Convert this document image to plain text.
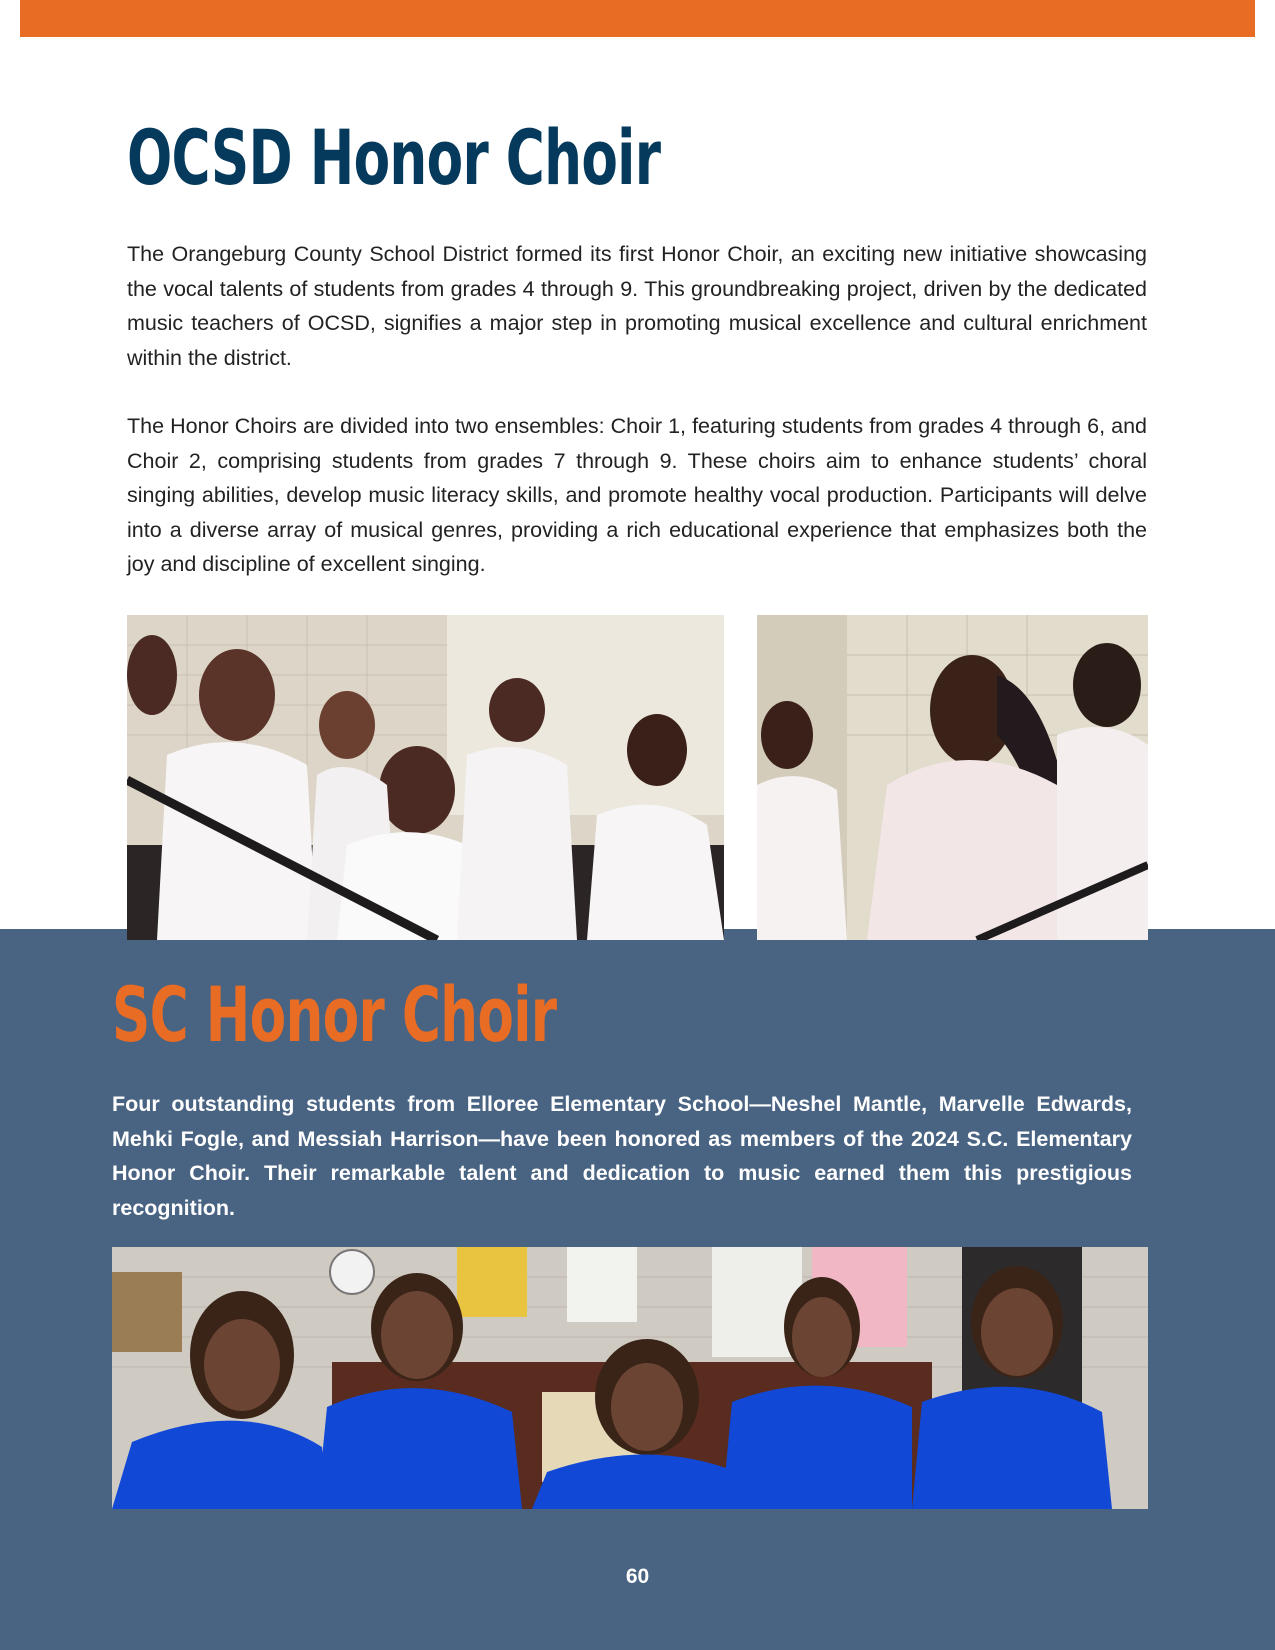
OCSD Honor Choir

The Orangeburg County School District formed its first Honor Choir, an exciting new initiative showcasing the vocal talents of students from grades 4 through 9. This groundbreaking project, driven by the dedicated music teachers of OCSD, signifies a major step in promoting musical excellence and cultural enrichment within the district.

The Honor Choirs are divided into two ensembles: Choir 1, featuring students from grades 4 through 6, and Choir 2, comprising students from grades 7 through 9. These choirs aim to enhance students’ choral singing abilities, develop music literacy skills, and promote healthy vocal production. Participants will delve into a diverse array of musical genres, providing a rich educational experience that emphasizes both the joy and discipline of excellent singing.

SC Honor Choir

Four outstanding students from Elloree Elementary School—Neshel Mantle, Marvelle Edwards, Mehki Fogle, and Messiah Harrison—have been honored as members of the 2024 S.C. Elementary Honor Choir. Their remarkable talent and dedication to music earned them this prestigious recognition.

60
